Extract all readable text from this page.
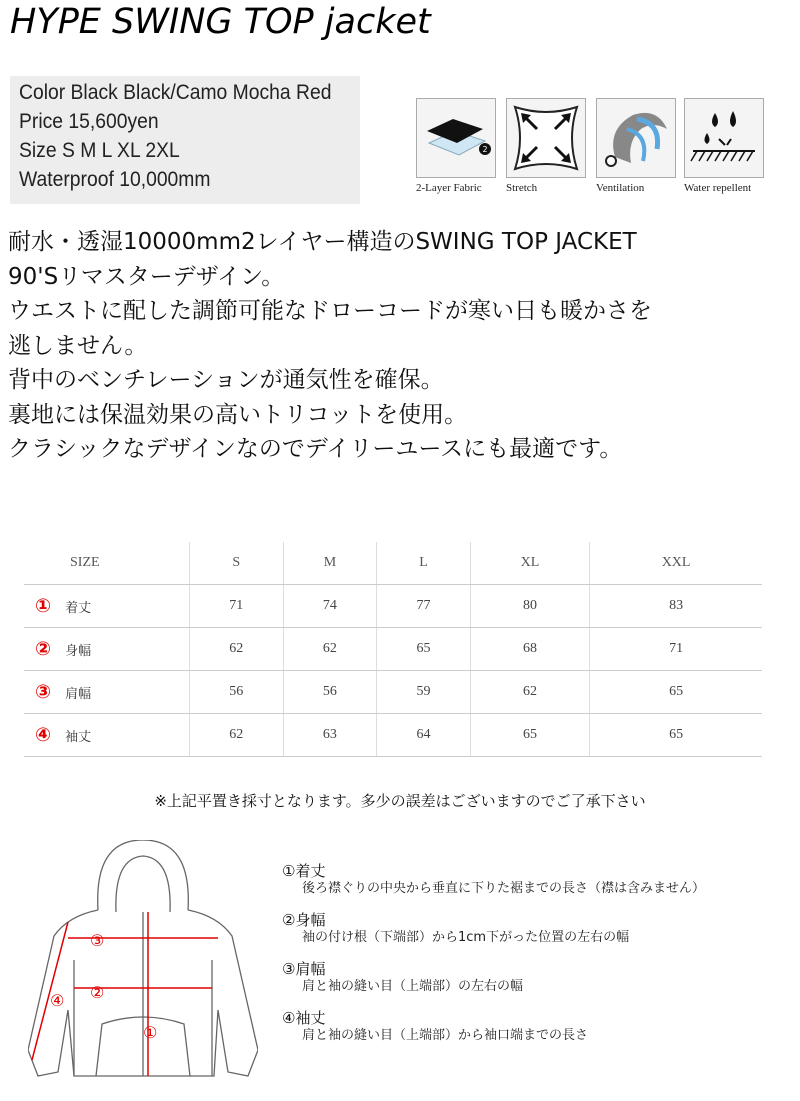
HYPE SWING TOP jacket
Color Black Black/Camo Mocha Red
Price 15,600yen
Size S M L XL 2XL
Waterproof 10,000mm
2
2-Layer Fabric	Stretch	Ventilation	Water repellent
耐水・透湿10000mm2レイヤー構造のSWING TOP JACKET
90'Sリマスターデザイン。
ウエストに配した調節可能なドローコードが寒い日も暖かさを
逃しません。
背中のベンチレーションが通気性を確保。
裏地には保温効果の高いトリコットを使用。
クラシックなデザインなのでデイリーユースにも最適です。
SIZE	S	M	L	XL	XXL
① 着丈	71	74	77	80	83
② 身幅	62	62	65	68	71
③ 肩幅	56	56	59	62	65
④ 袖丈	62	63	64	65	65
※上記平置き採寸となります。多少の誤差はございますのでご了承下さい
①
②
③
④
①着丈
後ろ襟ぐりの中央から垂直に下りた裾までの長さ（襟は含みません）
②身幅
袖の付け根（下端部）から1cm下がった位置の左右の幅
③肩幅
肩と袖の縫い目（上端部）の左右の幅
④袖丈
肩と袖の縫い目（上端部）から袖口端までの長さ
